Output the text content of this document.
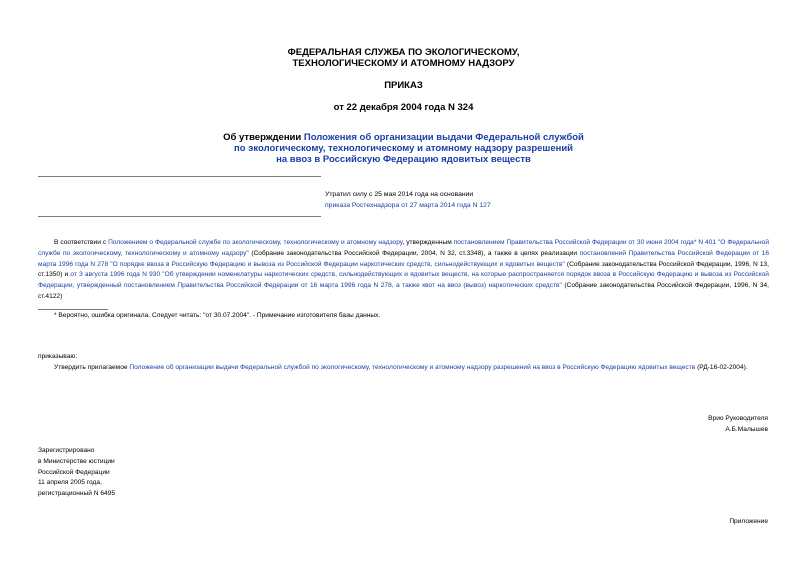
ФЕДЕРАЛЬНАЯ СЛУЖБА ПО ЭКОЛОГИЧЕСКОМУ,
ТЕХНОЛОГИЧЕСКОМУ И АТОМНОМУ НАДЗОРУ
ПРИКАЗ
от 22 декабря 2004 года N 324
Об утверждении Положения об организации выдачи Федеральной службой
по экологическому, технологическому и атомному надзору разрешений
на ввоз в Российскую Федерацию ядовитых веществ
Утратил силу с 25 мая 2014 года на основании
приказа Ростехнадзора от 27 марта 2014 года N 127

В соответствии с Положением о Федеральной службе по экологическому, технологическому и атомному надзору, утвержденным постановлением Правительства Российской Федерации от 30 июня 2004 года* N 401 "О Федеральной службе по экологическому, технологическому и атомному надзору" (Собрание законодательства Российской Федерации, 2004, N 32, ст.3348), а также в целях реализации постановлений Правительства Российской Федерации от 16 марта 1996 года N 278 "О порядке ввоза в Российскую Федерацию и вывоза из Российской Федерации наркотических средств, сильнодействующих и ядовитых веществ" (Собрание законодательства Российской Федерации, 1996, N 13, ст.1350) и от 3 августа 1996 года N 930 "Об утверждении номенклатуры наркотических средств, сильнодействующих и ядовитых веществ, на которые распространяется порядок ввоза в Российскую Федерацию и вывоза из Российской Федерации, утвержденный постановлением Правительства Российской Федерации от 16 марта 1996 года N 278, а также квот на ввоз (вывоз) наркотических средств" (Собрание законодательства Российской Федерации, 1996, N 34, ст.4122)

* Вероятно, ошибка оригинала. Следует читать: "от 30.07.2004". - Примечание изготовителя базы данных.
приказываю:

Утвердить прилагаемое Положение об организации выдачи Федеральной службой по экологическому, технологическому и атомному надзору разрешений на ввоз в Российскую Федерацию ядовитых веществ (РД-16-02-2004).

Врио Руководителя
А.Б.Малышев
Зарегистрировано
в Министерстве юстиции
Российской Федерации
11 апреля 2005 года,
регистрационный N 6495
Приложение
